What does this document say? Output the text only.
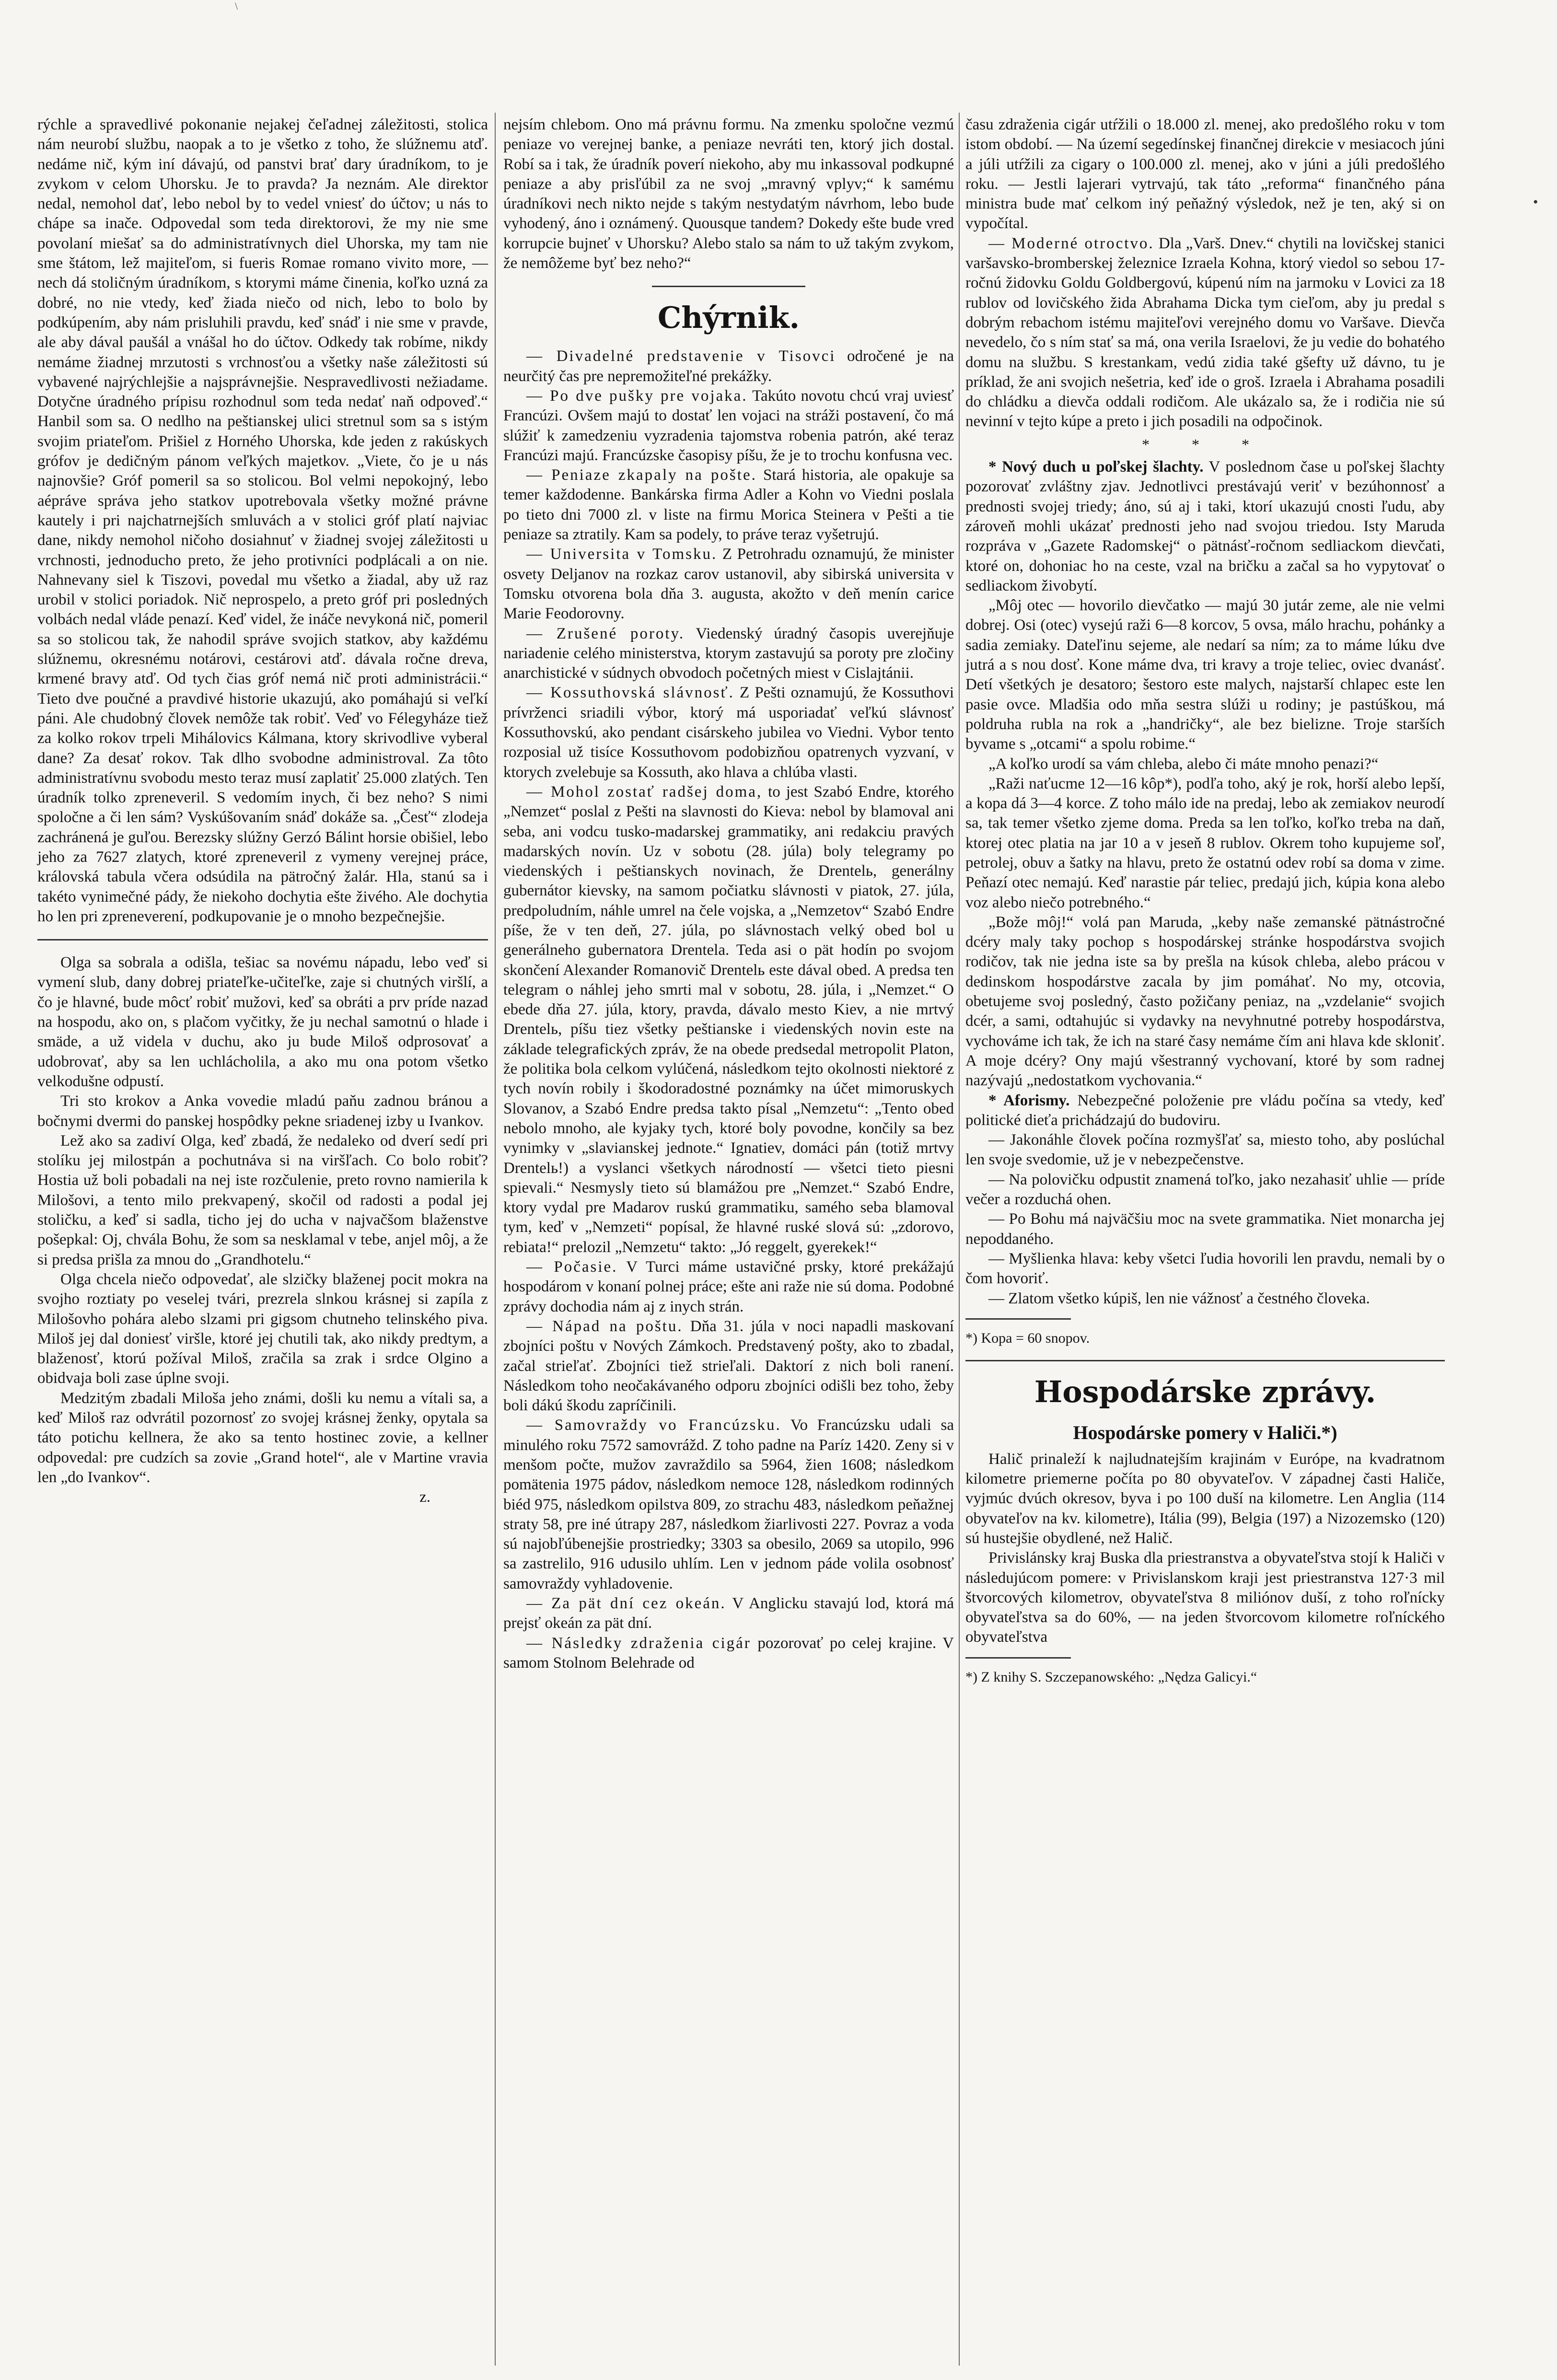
\

rýchle a spravedlivé pokonanie nejakej čeľadnej záležitosti, stolica nám neurobí službu, naopak a to je všetko z toho, že slúžnemu atď. nedáme nič, kým iní dávajú, od panstvi brať dary úradníkom, to je zvykom v celom Uhorsku. Je to pravda? Ja neznám. Ale direktor nedal, nemohol dať, lebo nebol by to vedel vniesť do účtov; u nás to chápe sa inače. Odpovedal som teda direktorovi, že my nie sme povolaní miešať sa do administratívnych diel Uhorska, my tam nie sme štátom, lež majiteľom, si fueris Romae romano vivito more, — nech dá stoličným úradníkom, s ktorymi máme činenia, koľko uzná za dobré, no nie vtedy, keď žiada niečo od nich, lebo to bolo by podkúpením, aby nám prisluhili pravdu, keď snáď i nie sme v pravde, ale aby dával paušál a vnášal ho do účtov. Odkedy tak robíme, nikdy nemáme žiadnej mrzutosti s vrchnosťou a všetky naše záležitosti sú vybavené najrýchlejšie a najsprávnejšie. Nespravedlivosti nežiadame. Dotyčne úradného prípisu rozhodnul som teda nedať naň odpoveď.“ Hanbil som sa. O nedlho na peštianskej ulici stretnul som sa s istým svojim priateľom. Prišiel z Horného Uhorska, kde jeden z rakúskych grófov je dedičným pánom veľkých majetkov. „Viete, čo je u nás najnovšie? Gróf pomeril sa so stolicou. Bol velmi nepokojný, lebo aépráve správa jeho statkov upotrebovala všetky možné právne kautely i pri najchatrnejších smluvách a v stolici gróf platí najviac dane, nikdy nemohol ničoho dosiahnuť v žiadnej svojej záležitosti u vrchnosti, jednoducho preto, že jeho protivníci podplácali a on nie. Nahnevany siel k Tiszovi, povedal mu všetko a žiadal, aby už raz urobil v stolici poriadok. Nič neprospelo, a preto gróf pri posledných volbách nedal vláde penazí. Keď videl, že ináče nevykoná nič, pomeril sa so stolicou tak, že nahodil správe svojich statkov, aby každému slúžnemu, okresnému notárovi, cestárovi atď. dávala ročne dreva, krmené bravy atď. Od tych čias gróf nemá nič proti administrácii.“ Tieto dve poučné a pravdivé historie ukazujú, ako pomáhajú si veľkí páni. Ale chudobný človek nemôže tak robiť. Veď vo Félegyháze tiež za kolko rokov trpeli Mihálovics Kálmana, ktory skrivodlive vyberal dane? Za desať rokov. Tak dlho svobodne administroval. Za tôto administratívnu svobodu mesto teraz musí zaplatiť 25.000 zlatých. Ten úradník tolko zpreneveril. S vedomím inych, či bez neho? S nimi spoločne a či len sám? Vyskúšovaním snáď dokáže sa. „Česť“ zlodeja zachránená je guľou. Berezsky slúžny Gerzó Bálint horsie obišiel, lebo jeho za 7627 zlatych, ktoré zpreneveril z vymeny verejnej práce, královská tabula včera odsúdila na pätročný žalár. Hla, stanú sa i takéto vynimečné pády, že niekoho dochytia ešte živého. Ale dochytia ho len pri zpreneverení, podkupovanie je o mnoho bezpečnejšie.

Olga sa sobrala a odišla, tešiac sa novému nápadu, lebo veď si vymení slub, dany dobrej priateľke-učiteľke, zaje si chutných viršlí, a čo je hlavné, bude môcť robiť mužovi, keď sa obráti a prv príde nazad na hospodu, ako on, s plačom vyčitky, že ju nechal samotnú o hlade i smäde, a už videla v duchu, ako ju bude Miloš odprosovať a udobrovať, aby sa len uchlácholila, a ako mu ona potom všetko velkodušne odpustí.

Tri sto krokov a Anka vovedie mladú paňu zadnou bránou a bočnymi dvermi do panskej hospôdky pekne sriadenej izby u Ivankov.

Lež ako sa zadiví Olga, keď zbadá, že nedaleko od dverí sedí pri stolíku jej milostpán a pochutnáva si na viršľach. Co bolo robiť? Hostia už boli pobadali na nej iste rozčulenie, preto rovno namierila k Milošovi, a tento milo prekvapený, skočil od radosti a podal jej stoličku, a keď si sadla, ticho jej do ucha v najvačšom blaženstve pošepkal: Oj, chvála Bohu, že som sa nesklamal v tebe, anjel môj, a že si predsa prišla za mnou do „Grandhotelu.“

Olga chcela niečo odpovedať, ale slzičky blaženej pocit mokra na svojho roztiaty po veselej tvári, prezrela slnkou krásnej si zapíla z Milošovho pohára alebo slzami pri gigsom chutneho telinského piva. Miloš jej dal doniesť viršle, ktoré jej chutili tak, ako nikdy predtym, a blaženosť, ktorú požíval Miloš, zračila sa zrak i srdce Olgino a obidvaja boli zase úplne svoji.

Medzitým zbadali Miloša jeho známi, došli ku nemu a vítali sa, a keď Miloš raz odvrátil pozornosť zo svojej krásnej ženky, opytala sa táto potichu kellnera, že ako sa tento hostinec zovie, a kellner odpovedal: pre cudzích sa zovie „Grand hotel“, ale v Martine vravia len „do Ivankov“.

z.

nejsím chlebom. Ono má právnu formu. Na zmenku spoločne vezmú peniaze vo verejnej banke, a peniaze nevráti ten, ktorý jich dostal. Robí sa i tak, že úradník poverí niekoho, aby mu inkassoval podkupné peniaze a aby prisľúbil za ne svoj „mravný vplyv;“ k samému úradníkovi nech nikto nejde s takým nestydatým návrhom, lebo bude vyhodený, áno i oznámený. Quousque tandem? Dokedy ešte bude vred korrupcie bujneť v Uhorsku? Alebo stalo sa nám to už takým zvykom, že nemôžeme byť bez neho?“

Chýrnik.

— Divadelné predstavenie v Tisovci odročené je na neurčitý čas pre nepremožiteľné prekážky.

— Po dve pušky pre vojaka. Takúto novotu chcú vraj uviesť Francúzi. Ovšem majú to dostať len vojaci na stráži postavení, čo má slúžiť k zamedzeniu vyzradenia tajomstva robenia patrón, aké teraz Francúzi majú. Francúzske časopisy píšu, že je to trochu konfusna vec.

— Peniaze zkapaly na pošte. Stará historia, ale opakuje sa temer každodenne. Bankárska firma Adler a Kohn vo Viedni poslala po tieto dni 7000 zl. v liste na firmu Moricа Steinera v Pešti a tie peniaze sa ztratily. Kam sa podely, to práve teraz vyšetrujú.

— Universita v Tomsku. Z Petrohradu oznamujú, že minister osvety Deljanov na rozkaz carov ustanovil, aby sibirská universita v Tomsku otvorena bola dňa 3. augusta, akožto v deň menín carice Marie Feodorovny.

— Zrušené poroty. Viedenský úradný časopis uverejňuje nariadenie celého ministerstva, ktorym zastavujú sa poroty pre zločiny anarchistické v súdnych obvodoch početných miest v Cislajtánii.

— Kossuthovská slávnosť. Z Pešti oznamujú, že Kossuthovi prívrženci sriadili výbor, ktorý má usporiadať veľkú slávnosť Kossuthovskú, ako pendant cisárskeho jubilea vo Viedni. Vybor tento rozposial už tisíce Kossuthovom podobizňou opatrenych vyzvaní, v ktorych zvelebuje sa Kossuth, ako hlava a chlúba vlasti.

— Mohol zostať radšej doma, to jest Szabó Endre, ktorého „Nemzet“ poslal z Pešti na slavnosti do Kieva: nebol by blamoval ani seba, ani vodcu tusko-madarskej grammatiky, ani redakciu pravých madarských novín. Uz v sobotu (28. júla) boly telegramy po viedenských i peštianskych novinach, že Drentelь, generálny gubernátor kievsky, na samom počiatku slávnosti v piatok, 27. júla, predpoludním, náhle umrel na čele vojska, a „Nemzetov“ Szabó Endre píše, že v ten deň, 27. júla, po slávnostach velký obed bol u generálneho gubernatora Drentela. Tedа asi o pät hodín po svojom skončení Alexander Romanovič Drentelь este dával obed. A predsa ten telegram o náhlej jeho smrti mal v sobotu, 28. júla, i „Nemzet.“ O ebede dňa 27. júla, ktory, pravda, dávalo mesto Kiev, a nie mrtvý Drentelь, píšu tiez všetky peštianske i viedenských novin este na základe telegrafických zpráv, že na obede predsedal metropolit Platon, že politika bola celkom vylúčená, následkom tejto okolnosti niektoré z tych novín robily i škodoradostné poznámky na účet mimoruskych Slovanov, a Szabó Endre predsa takto písal „Nemzetu“: „Tentо obed nebolo mnoho, ale kyjaky tych, ktoré boly povodne, končily sa bez vynimky v „slavianskej jednote.“ Ignatiev, domáci pán (totiž mrtvy Drentelь!) a vyslanci všetkych národností — všetci tieto piesni spievali.“ Nesmysly tieto sú blamážou pre „Nemzet.“ Szabó Endre, ktory vydal pre Madarov ruskú grammatiku, samého seba blamoval tym, keď v „Nemzeti“ popísal, že hlavné ruské slová sú: „zdorovo, rebiata!“ prelozil „Nemzetu“ takto: „Jó reggelt, gyerekek!“

— Počasie. V Turci máme ustavičné prsky, ktoré prekážajú hospodárom v konaní polnej práce; ešte ani raže nie sú doma. Podobné zprávy dochodia nám aj z inych strán.

— Nápad na poštu. Dňa 31. júla v noci napadli maskovaní zbojníci poštu v Nových Zámkoch. Predstavený pošty, ako to zbadal, začal strieľať. Zbojníci tiež strieľali. Daktorí z nich boli ranení. Následkom toho neočakávaného odporu zbojníci odišli bez toho, žeby boli dákú škodu zapríčinili.

— Samovraždy vo Francúzsku. Vo Francúzsku udali sa minulého roku 7572 samovrážd. Z toho padne na Paríz 1420. Zeny si v menšom počte, mužov zavraždilo sa 5964, žien 1608; následkom pomätenia 1975 pádov, následkom nemoce 128, následkom rodinných biéd 975, následkom opilstva 809, zo strachu 483, následkom peňažnej straty 58, pre iné útrapy 287, následkom žiarlivosti 227. Povraz a voda sú najobľúbenejšie prostriedky; 3303 sa obesilo, 2069 sa utopilo, 996 sa zastrelilo, 916 udusilo uhlím. Len v jednom páde volila osobnosť samovraždy vyhladovenie.

— Za pät dní cez okeán. V Anglicku stavajú lod, ktorá má prejsť okeán za pät dní.

— Následky zdraženia cigár pozorovať po celej krajine. V samom Stolnom Belehrade od

času zdraženia cigár utŕžili o 18.000 zl. menej, ako predošlého roku v tom istom období. — Na území segedínskej finančnej direkcie v mesiacoch júni a júli utŕžili za cigary o 100.000 zl. menej, ako v júni a júli predošlého roku. — Jestli lajerari vytrvajú, tak táto „reforma“ finančného pána ministra bude mať celkom iný peňažný výsledok, než je ten, aký si on vypočítal.

— Moderné otroctvo. Dla „Varš. Dnev.“ chytili na lovičskej stanici varšavsko-bromberskej železnice Izraela Kohna, ktorý viedol so sebou 17-ročnú židovku Goldu Goldbergovú, kúpenú ním na jarmoku v Lovici za 18 rublov od lovičského žida Abrahama Dicka tym cieľom, aby ju predal s dobrým rebachom istému majiteľovi verejného domu vo Varšave. Dievča nevedelo, čo s ním stať sa má, ona verila Israelovi, že ju vedie do bohatého domu na službu. S krestankam, vedú zidia také gšefty už dávno, tu je príklad, že ani svojich nešetria, keď ide o groš. Izraela i Abrahama posadili do chládku a dievča oddali rodičom. Ale ukázalo sa, že i rodičia nie sú nevinní v tejto kúpe a preto i jich posadili na odpočinok.

* * *

* Nový duch u poľskej šlachty. V poslednom čase u poľskej šlachty pozorovať zvláštny zjav. Jednotlivci prestávajú veriť v bezúhonnosť a prednosti svojej triedy; áno, sú aj i taki, ktorí ukazujú cnosti ľudu, aby zároveň mohli ukázať prednosti jeho nad svojou triedou. Isty Maruda rozpráva v „Gazete Radomskej“ o pätnásť-ročnom sedliackom dievčati, ktoré on, dohoniac ho na ceste, vzal na bričku a začal sa ho vypytovať o sedliackom živobytí.

„Môj otec — hovorilo dievčatko — majú 30 jutár zeme, ale nie velmi dobrej. Osi (otec) vysejú raži 6—8 korcov, 5 ovsa, málo hrachu, pohánky a sadia zemiaky. Dateľinu sejeme, ale nedarí sa ním; za to máme lúku dve jutrá a s nou dosť. Kone máme dva, tri kravy a troje teliec, oviec dvanásť. Detí všetkých je desatoro; šestoro este malych, najstarší chlapec este len pasie ovce. Mladšia odo mňa sestra slúži u rodiny; je pastúškou, má poldruha rubla na rok a „handričky“, ale bez bielizne. Troje starších byvame s „otcami“ a spolu robime.“

„A koľko urodí sa vám chleba, alebo či máte mnoho penazi?“

„Raži naťucme 12—16 kôp*), podľa toho, aký je rok, horší alebo lepší, a kopa dá 3—4 korce. Z toho málo ide na predaj, lebo ak zemiakov neurodí sa, tak temer všetko zjeme doma. Preda sa len toľko, koľko treba na daň, ktorej otec platia na jar 10 a v jeseň 8 rublov. Okrem toho kupujeme soľ, petrolej, obuv a šatky na hlavu, preto že ostatnú odev robí sa doma v zime. Peňazí otec nemajú. Keď narastie pár teliec, predajú jich, kúpia kona alebo voz alebo niečo potrebného.“

„Bože môj!“ volá pan Maruda, „keby naše zemanské pätnástročné dcéry maly taky pochop s hospodárskej stránke hospodárstva svojich rodičov, tak nie jedna iste sa by prešla na kúsok chleba, alebo prácou v dedinskom hospodárstve zacala by jim pomáhať. No my, otcovia, obetujeme svoj posledný, často požičany peniaz, na „vzdelanie“ svojich dcér, a sami, odtahujúc si vydavky na nevyhnutné potreby hospodárstva, vychováme ich tak, že ich na staré časy nemáme čím ani hlava kde skloniť. A moje dcéry? Ony majú všestranný vychovaní, ktoré by som radnej nazývajú „nedostatkom vychovania.“

* Aforismy. Nebezpečné položenie pre vládu počína sa vtedy, keď politické dieťa prichádzajú do budoviru.

— Jakonáhle človek počína rozmyšľať sa, miesto toho, aby poslúchal len svoje svedomie, už je v nebezpečenstve.

— Na polovičku odpustit znamená toľko, jako nezahasiť uhlie — príde večer a rozduchá ohen.

— Po Bohu má najväčšiu moc na svete grammatika. Niet monarchа jej nepoddaného.

— Myšlienka hlava: keby všetci ľudia hovorili len pravdu, nemali by o čom hovoriť.

— Zlatom všetko kúpiš, len nie vážnosť a čestného človeka.

*) Kopa = 60 snopov.

Hospodárske zprávy.
Hospodárske pomery v Haliči.*)

Halič prinaleží k najludnatejším krajinám v Európe, na kvadratnom kilometre priemerne počíta po 80 obyvateľov. V západnej časti Haliče, vyjmúc dvúch okresov, byva i po 100 duší na kilometre. Len Anglia (114 obyvateľov na kv. kilometre), Itália (99), Belgia (197) a Nizozemsko (120) sú hustejšie obydlené, než Halič.

Privislánsky kraj Buska dla priestranstva a obyvateľstva stojí k Haliči v následujúcom pomere: v Privislanskom kraji jest priestranstva 127·3 mil štvorcových kilometrov, obyvateľstva 8 miliónov duší, z toho roľnícky obyvateľstva sa do 60%, — na jeden štvorcovom kilometre roľníckého obyvateľstva

*) Z knihy S. Szczepanowského: „Nędza Galicyi.“

•
